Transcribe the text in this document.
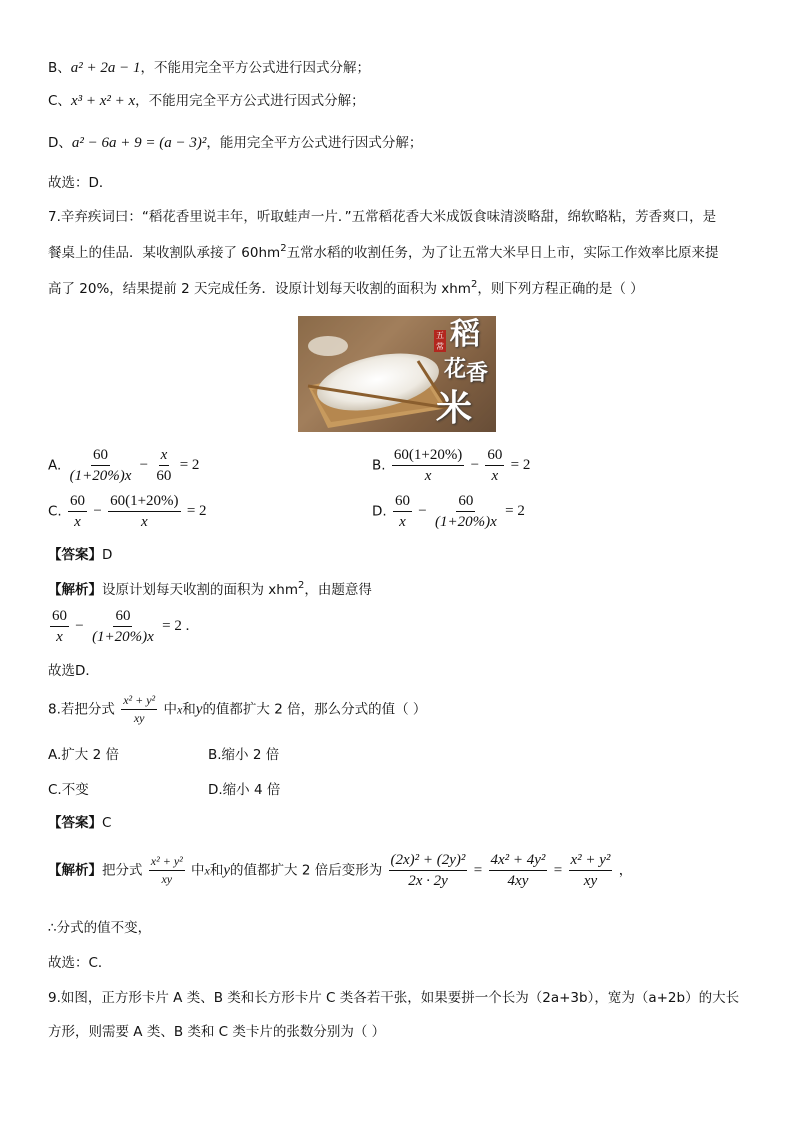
B、a² + 2a − 1，不能用完全平方公式进行因式分解；
C、x³ + x² + x，不能用完全平方公式进行因式分解；
D、a² − 6a + 9 = (a − 3)²，能用完全平方公式进行因式分解；
故选：D．
7.辛弃疾词曰：“稻花香里说丰年，听取蛙声一片．”五常稻花香大米成饭食味清淡略甜，绵软略粘，芳香爽口，是
餐桌上的佳品．某收割队承接了 $60hm^2$五常水稻的收割任务，为了让五常大米早日上市，实际工作效率比原来提
高了 20%，结果提前 2 天完成任务．设原计划每天收割的面积为 xhm$^2$，则下列方程正确的是（ ）
五
常 稻
花 香
米
A. $\frac{60}{(1+20\%)x} - \frac{x}{60} = 2$	B. $\frac{60(1+20\%)}{x} - \frac{60}{x} = 2$
C. $\frac{60}{x} - \frac{60(1+20\%)}{x} = 2$	D. $\frac{60}{x} - \frac{60}{(1+20\%)x} = 2$
【答案】D
【解析】设原计划每天收割的面积为 xhm$^2$，由题意得
$\frac{60}{x} - \frac{60}{(1+20\%)x} = 2$ .
故选D．
8.若把分式 $\frac{\text{x² + y²}}{xy}$ 中x和y的值都扩大 2 倍，那么分式的值（ ）
A.扩大 2 倍	B.缩小 2 倍
C.不变	D.缩小 4 倍
【答案】C
【解析】把分式 $\frac{\text{x² + y²}}{xy}$ 中x和y的值都扩大 2 倍后变形为 $\frac{\text{(2x)² + (2y)²}}{2x \cdot 2y} = \frac{\text{4x² + 4y²}}{4xy} = \frac{\text{x² + y²}}{xy}$ ，
∴分式的值不变，
故选：C．
9.如图，正方形卡片 A 类、B 类和长方形卡片 C 类各若干张，如果要拼一个长为（2a+3b），宽为（a+2b）的大长
方形，则需要 A 类、B 类和 C 类卡片的张数分别为（ ）
